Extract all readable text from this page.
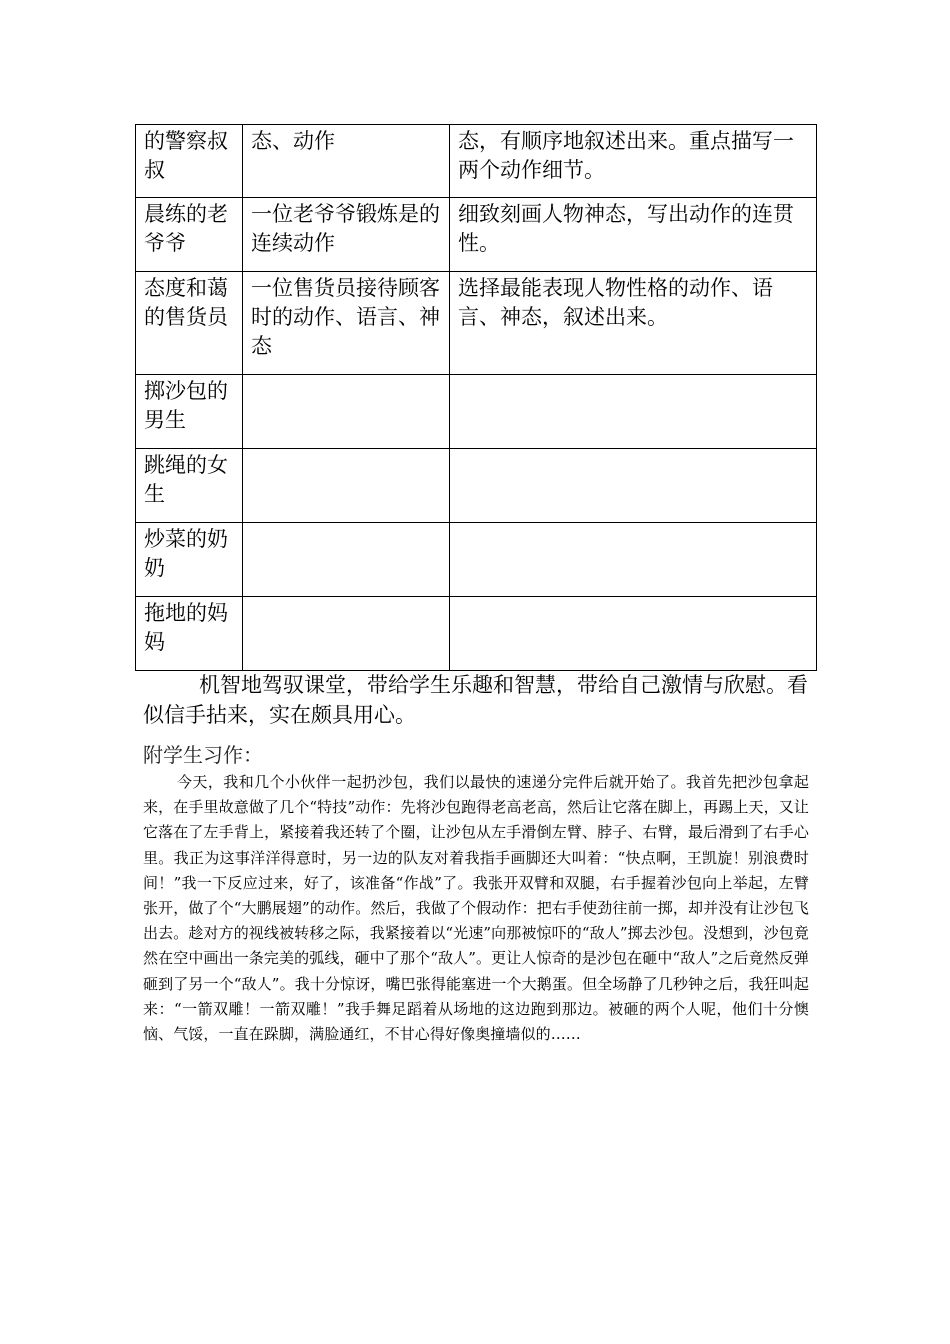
的警察叔叔	态、动作	态，有顺序地叙述出来。重点描写一两个动作细节。
晨练的老爷爷	一位老爷爷锻炼是的连续动作	细致刻画人物神态，写出动作的连贯性。
态度和蔼的售货员	一位售货员接待顾客时的动作、语言、神态	选择最能表现人物性格的动作、语言、神态，叙述出来。
掷沙包的男生		
跳绳的女生		
炒菜的奶奶		
拖地的妈妈		

机智地驾驭课堂，带给学生乐趣和智慧，带给自己激情与欣慰。看似信手拈来，实在颇具用心。

附学生习作：

今天，我和几个小伙伴一起扔沙包，我们以最快的速递分完件后就开始了。我首先把沙包拿起来，在手里故意做了几个“特技”动作：先将沙包跑得老高老高，然后让它落在脚上，再踢上天，又让它落在了左手背上，紧接着我还转了个圈，让沙包从左手滑倒左臂、脖子、右臂，最后滑到了右手心里。我正为这事洋洋得意时，另一边的队友对着我指手画脚还大叫着：“快点啊，王凯旋！别浪费时间！”我一下反应过来，好了，该准备“作战”了。我张开双臂和双腿，右手握着沙包向上举起，左臂张开，做了个“大鹏展翅”的动作。然后，我做了个假动作：把右手使劲往前一掷，却并没有让沙包飞出去。趁对方的视线被转移之际，我紧接着以“光速”向那被惊吓的“敌人”掷去沙包。没想到，沙包竟然在空中画出一条完美的弧线，砸中了那个“敌人”。更让人惊奇的是沙包在砸中“敌人”之后竟然反弹砸到了另一个“敌人”。我十分惊讶，嘴巴张得能塞进一个大鹅蛋。但全场静了几秒钟之后，我狂叫起来：“一箭双雕！一箭双雕！”我手舞足蹈着从场地的这边跑到那边。被砸的两个人呢，他们十分懊恼、气馁，一直在跺脚，满脸通红，不甘心得好像奥撞墙似的……
